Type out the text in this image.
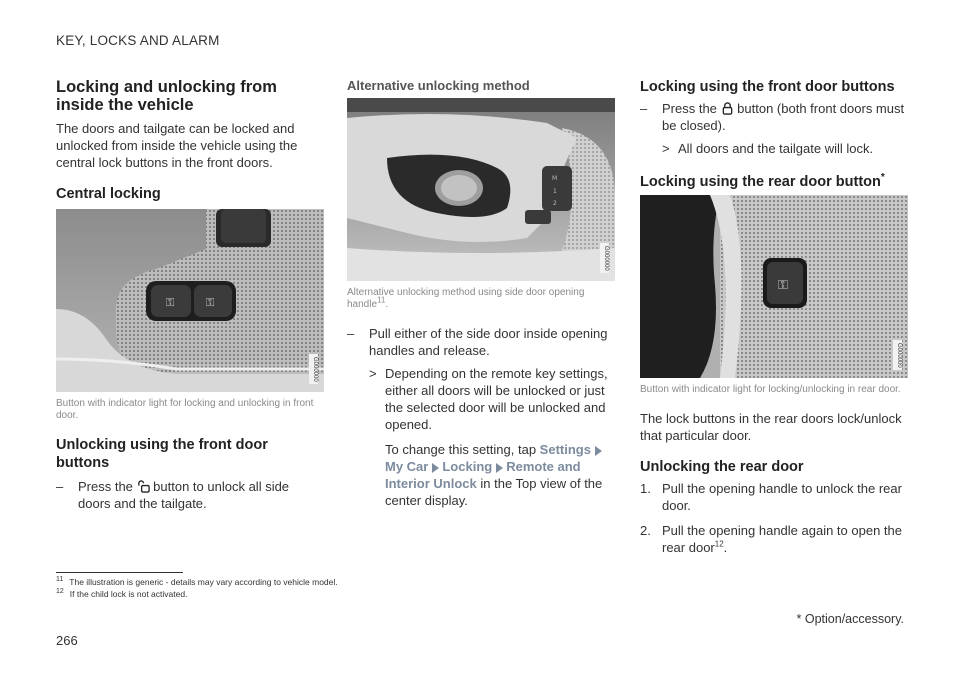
KEY, LOCKS AND ALARM
Locking and unlocking from inside the vehicle

The doors and tailgate can be locked and unlocked from inside the vehicle using the central lock buttons in the front doors.

Central locking
⚿	⚿
G000000

Button with indicator light for locking and unlocking in front door.

Unlocking using the front door buttons
– Press the button to unlock all side doors and the tailgate.
Alternative unlocking method
M
1
2
G000000

Alternative unlocking method using side door opening handle$^{11}$.

– Pull either of the side door inside opening handles and release.
> Depending on the remote key settings, either all doors will be unlocked or just the selected door will be unlocked and opened.
To change this setting, tap Settings My Car Locking Remote and Interior Unlock in the Top view of the center display.
Locking using the front door buttons
– Press the button (both front doors must be closed).
> All doors and the tailgate will lock.
Locking using the rear door button*
⚿
G000000

Button with indicator light for locking/unlocking in rear door.

The lock buttons in the rear doors lock/unlock that particular door.

Unlocking the rear door
1. Pull the opening handle to unlock the rear door.
2. Pull the opening handle again to open the rear door$^{12}$.
$^{11}$ The illustration is generic - details may vary according to vehicle model.
$^{12}$ If the child lock is not activated.
* Option/accessory.
266
